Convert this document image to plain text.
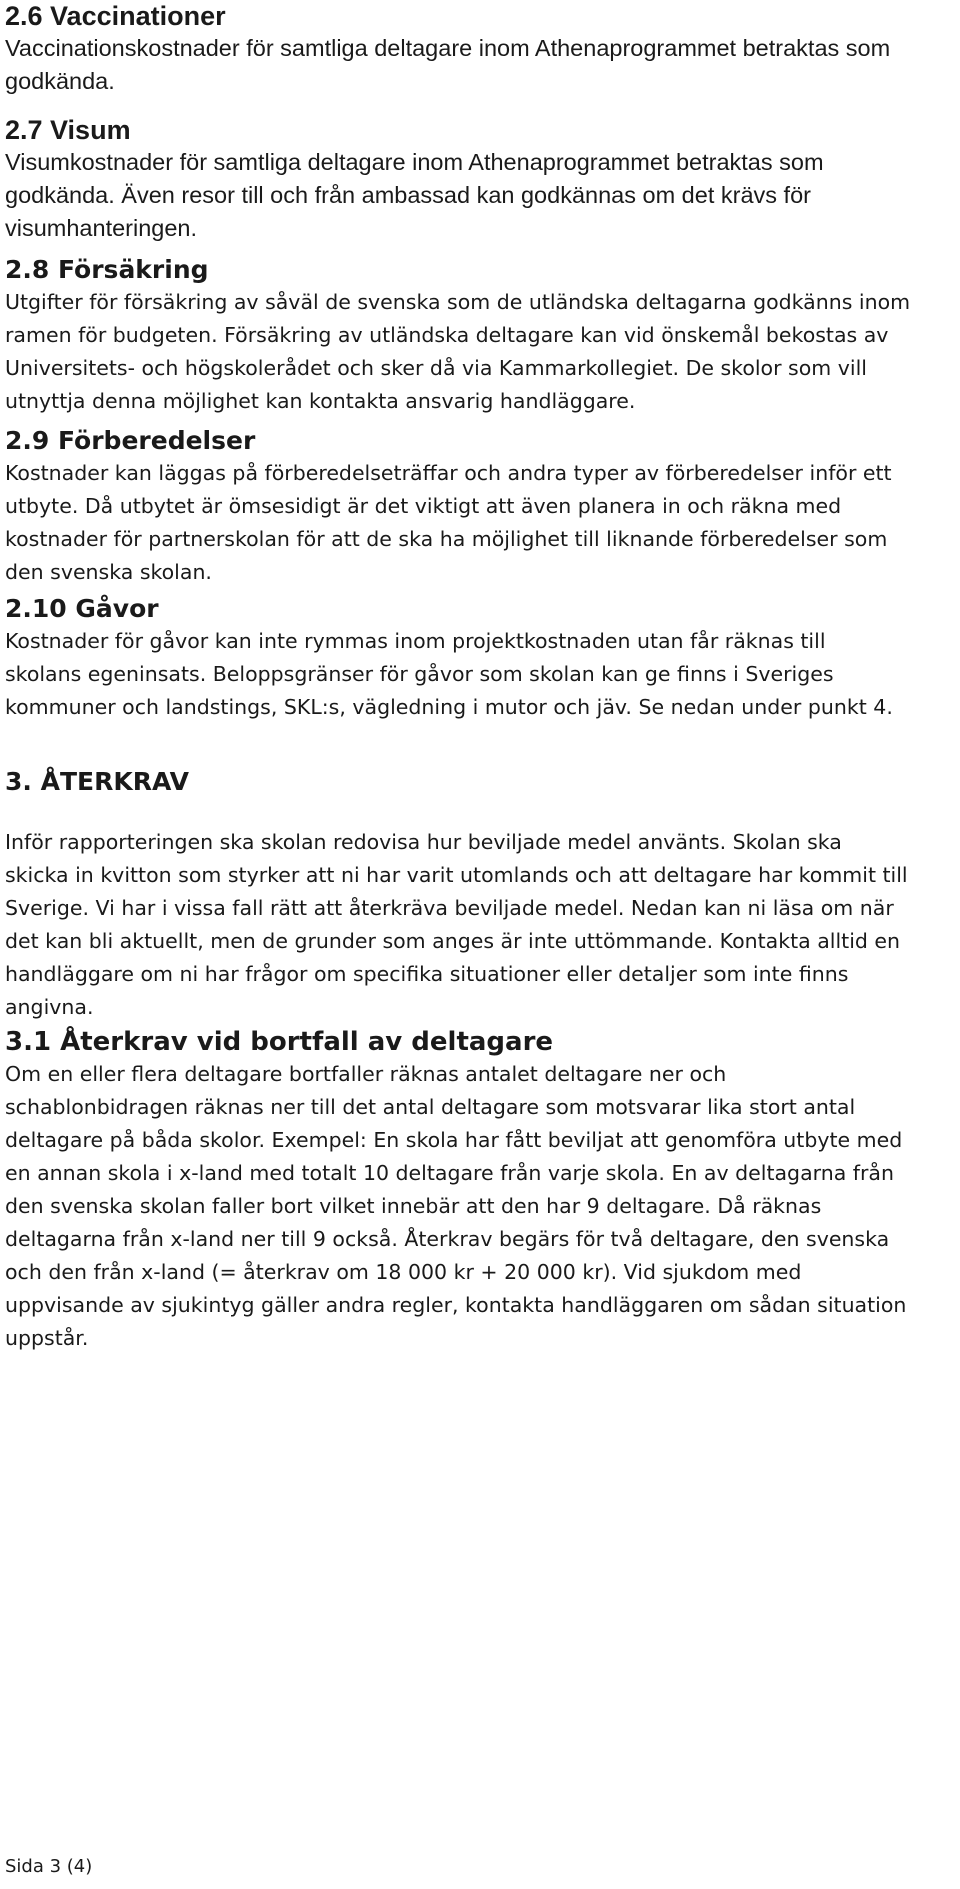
2.6 Vaccinationer

Vaccinationskostnader för samtliga deltagare inom Athenaprogrammet betraktas som

godkända.

2.7 Visum

Visumkostnader för samtliga deltagare inom Athenaprogrammet betraktas som

godkända. Även resor till och från ambassad kan godkännas om det krävs för

visumhanteringen.

2.8 Försäkring

Utgifter för försäkring av såväl de svenska som de utländska deltagarna godkänns inom

ramen för budgeten. Försäkring av utländska deltagare kan vid önskemål bekostas av

Universitets- och högskolerådet och sker då via Kammarkollegiet. De skolor som vill

utnyttja denna möjlighet kan kontakta ansvarig handläggare.

2.9 Förberedelser

Kostnader kan läggas på förberedelseträffar och andra typer av förberedelser inför ett

utbyte. Då utbytet är ömsesidigt är det viktigt att även planera in och räkna med

kostnader för partnerskolan för att de ska ha möjlighet till liknande förberedelser som

den svenska skolan.

2.10 Gåvor

Kostnader för gåvor kan inte rymmas inom projektkostnaden utan får räknas till

skolans egeninsats. Beloppsgränser för gåvor som skolan kan ge finns i Sveriges

kommuner och landstings, SKL:s, vägledning i mutor och jäv. Se nedan under punkt 4.

3. ÅTERKRAV

Inför rapporteringen ska skolan redovisa hur beviljade medel använts. Skolan ska

skicka in kvitton som styrker att ni har varit utomlands och att deltagare har kommit till

Sverige. Vi har i vissa fall rätt att återkräva beviljade medel. Nedan kan ni läsa om när

det kan bli aktuellt, men de grunder som anges är inte uttömmande. Kontakta alltid en

handläggare om ni har frågor om specifika situationer eller detaljer som inte finns

angivna.

3.1 Återkrav vid bortfall av deltagare

Om en eller flera deltagare bortfaller räknas antalet deltagare ner och

schablonbidragen räknas ner till det antal deltagare som motsvarar lika stort antal

deltagare på båda skolor. Exempel: En skola har fått beviljat att genomföra utbyte med

en annan skola i x-land med totalt 10 deltagare från varje skola. En av deltagarna från

den svenska skolan faller bort vilket innebär att den har 9 deltagare. Då räknas

deltagarna från x-land ner till 9 också. Återkrav begärs för två deltagare, den svenska

och den från x-land (= återkrav om 18 000 kr + 20 000 kr). Vid sjukdom med

uppvisande av sjukintyg gäller andra regler, kontakta handläggaren om sådan situation

uppstår.

Sida 3 (4)
